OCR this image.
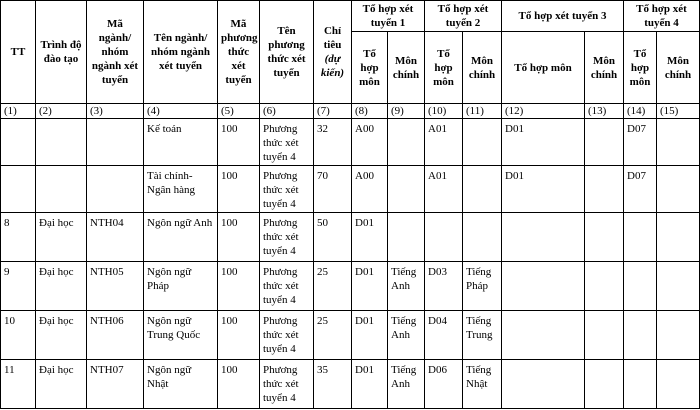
TT	Trình độ đào tạo	Mã ngành/ nhóm ngành xét tuyển	Tên ngành/ nhóm ngành xét tuyển	Mã phương thức xét tuyển	Tên phương thức xét tuyển	Chỉ tiêu (dự kiến)	Tổ hợp xét tuyển 1		Tổ hợp xét tuyển 2		Tổ hợp xét tuyển 3		Tổ hợp xét tuyển 4	
							Tổ hợp môn	Môn chính	Tổ hợp môn	Môn chính	Tổ hợp môn	Môn chính	Tổ hợp môn	Môn chính
(1)	(2)	(3)	(4)	(5)	(6)	(7)	(8)	(9)	(10)	(11)	(12)	(13)	(14)	(15)
			Kế toán	100	Phương thức xét tuyển 4	32	A00		A01		D01		D07	
			Tài chính-Ngân hàng	100	Phương thức xét tuyển 4	70	A00		A01		D01		D07	
8	Đại học	NTH04	Ngôn ngữ Anh	100	Phương thức xét tuyển 4	50	D01							
9	Đại học	NTH05	Ngôn ngữ Pháp	100	Phương thức xét tuyển 4	25	D01	Tiếng Anh	D03	Tiếng Pháp				
10	Đại học	NTH06	Ngôn ngữ Trung Quốc	100	Phương thức xét tuyển 4	25	D01	Tiếng Anh	D04	Tiếng Trung				
11	Đại học	NTH07	Ngôn ngữ Nhật	100	Phương thức xét tuyển 4	35	D01	Tiếng Anh	D06	Tiếng Nhật				
